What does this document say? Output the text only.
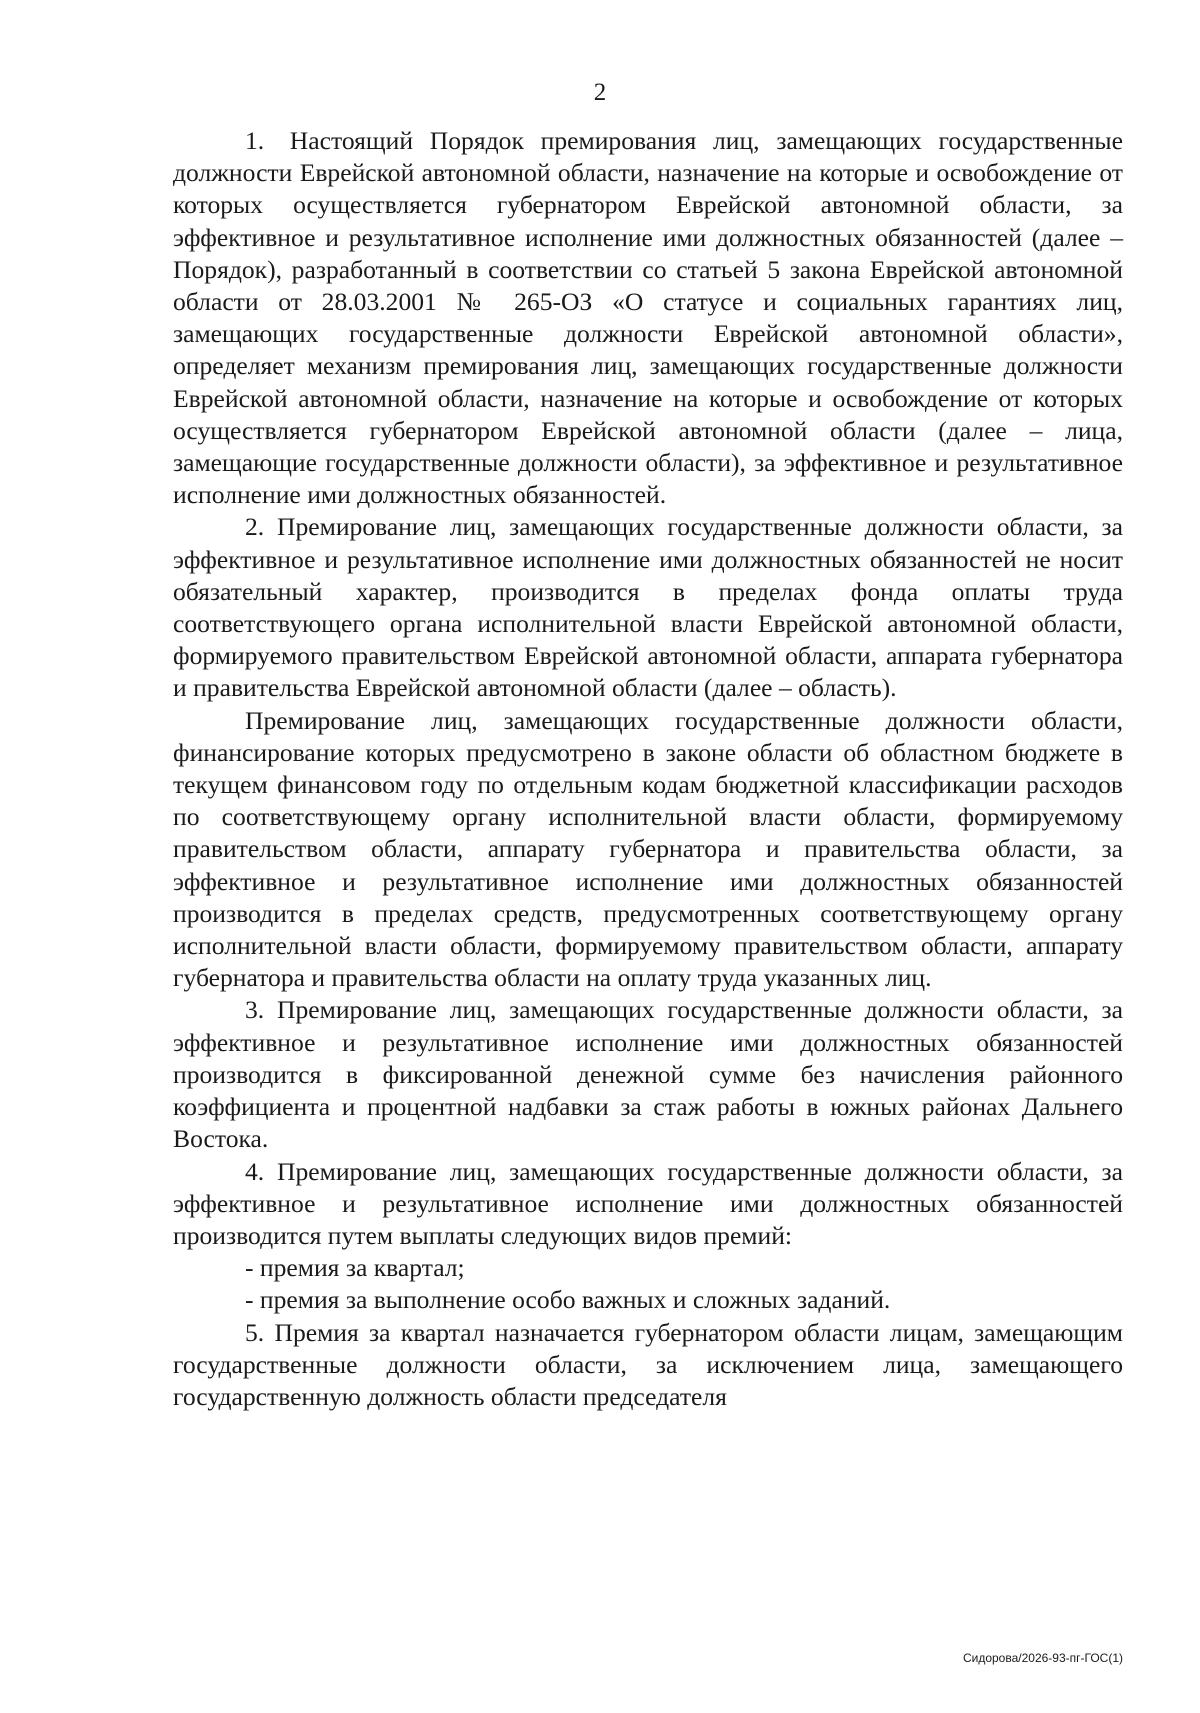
2

1. Настоящий Порядок премирования лиц, замещающих государственные должности Еврейской автономной области, назначение на которые и освобождение от которых осуществляется губернатором Еврейской автономной области, за эффективное и результативное исполнение ими должностных обязанностей (далее – Порядок), разработанный в соответствии со статьей 5 закона Еврейской автономной области от 28.03.2001 № 265-ОЗ «О статусе и социальных гарантиях лиц, замещающих государственные должности Еврейской автономной области», определяет механизм премирования лиц, замещающих государственные должности Еврейской автономной области, назначение на которые и освобождение от которых осуществляется губернатором Еврейской автономной области (далее – лица, замещающие государственные должности области), за эффективное и результативное исполнение ими должностных обязанностей.

2. Премирование лиц, замещающих государственные должности области, за эффективное и результативное исполнение ими должностных обязанностей не носит обязательный характер, производится в пределах фонда оплаты труда соответствующего органа исполнительной власти Еврейской автономной области, формируемого правительством Еврейской автономной области, аппарата губернатора и правительства Еврейской автономной области (далее – область).

Премирование лиц, замещающих государственные должности области, финансирование которых предусмотрено в законе области об областном бюджете в текущем финансовом году по отдельным кодам бюджетной классификации расходов по соответствующему органу исполнительной власти области, формируемому правительством области, аппарату губернатора и правительства области, за эффективное и результативное исполнение ими должностных обязанностей производится в пределах средств, предусмотренных соответствующему органу исполнительной власти области, формируемому правительством области, аппарату губернатора и правительства области на оплату труда указанных лиц.

3. Премирование лиц, замещающих государственные должности области, за эффективное и результативное исполнение ими должностных обязанностей производится в фиксированной денежной сумме без начисления районного коэффициента и процентной надбавки за стаж работы в южных районах Дальнего Востока.

4. Премирование лиц, замещающих государственные должности области, за эффективное и результативное исполнение ими должностных обязанностей производится путем выплаты следующих видов премий:

- премия за квартал;

- премия за выполнение особо важных и сложных заданий.

5. Премия за квартал назначается губернатором области лицам, замещающим государственные должности области, за исключением лица, замещающего государственную должность области председателя

Сидорова/2026-93-пг-ГОС(1)
